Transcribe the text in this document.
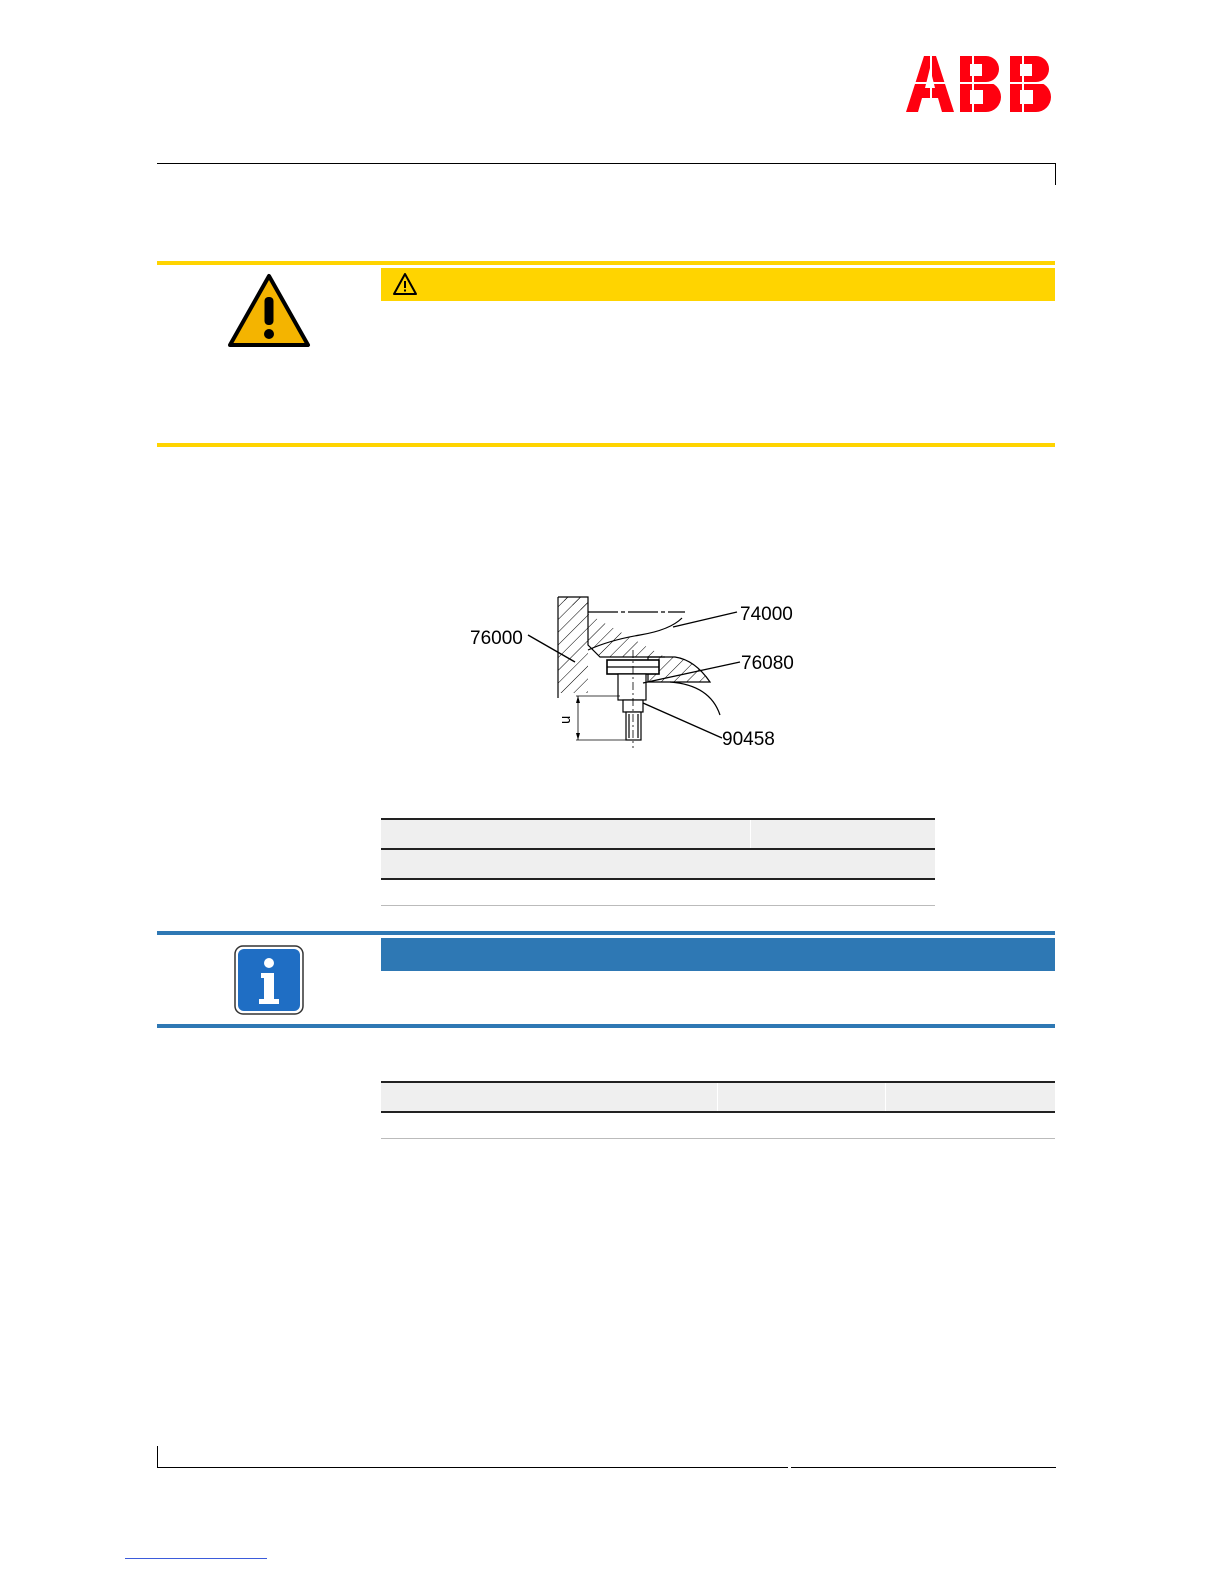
u
74000
76000
76080
90458
